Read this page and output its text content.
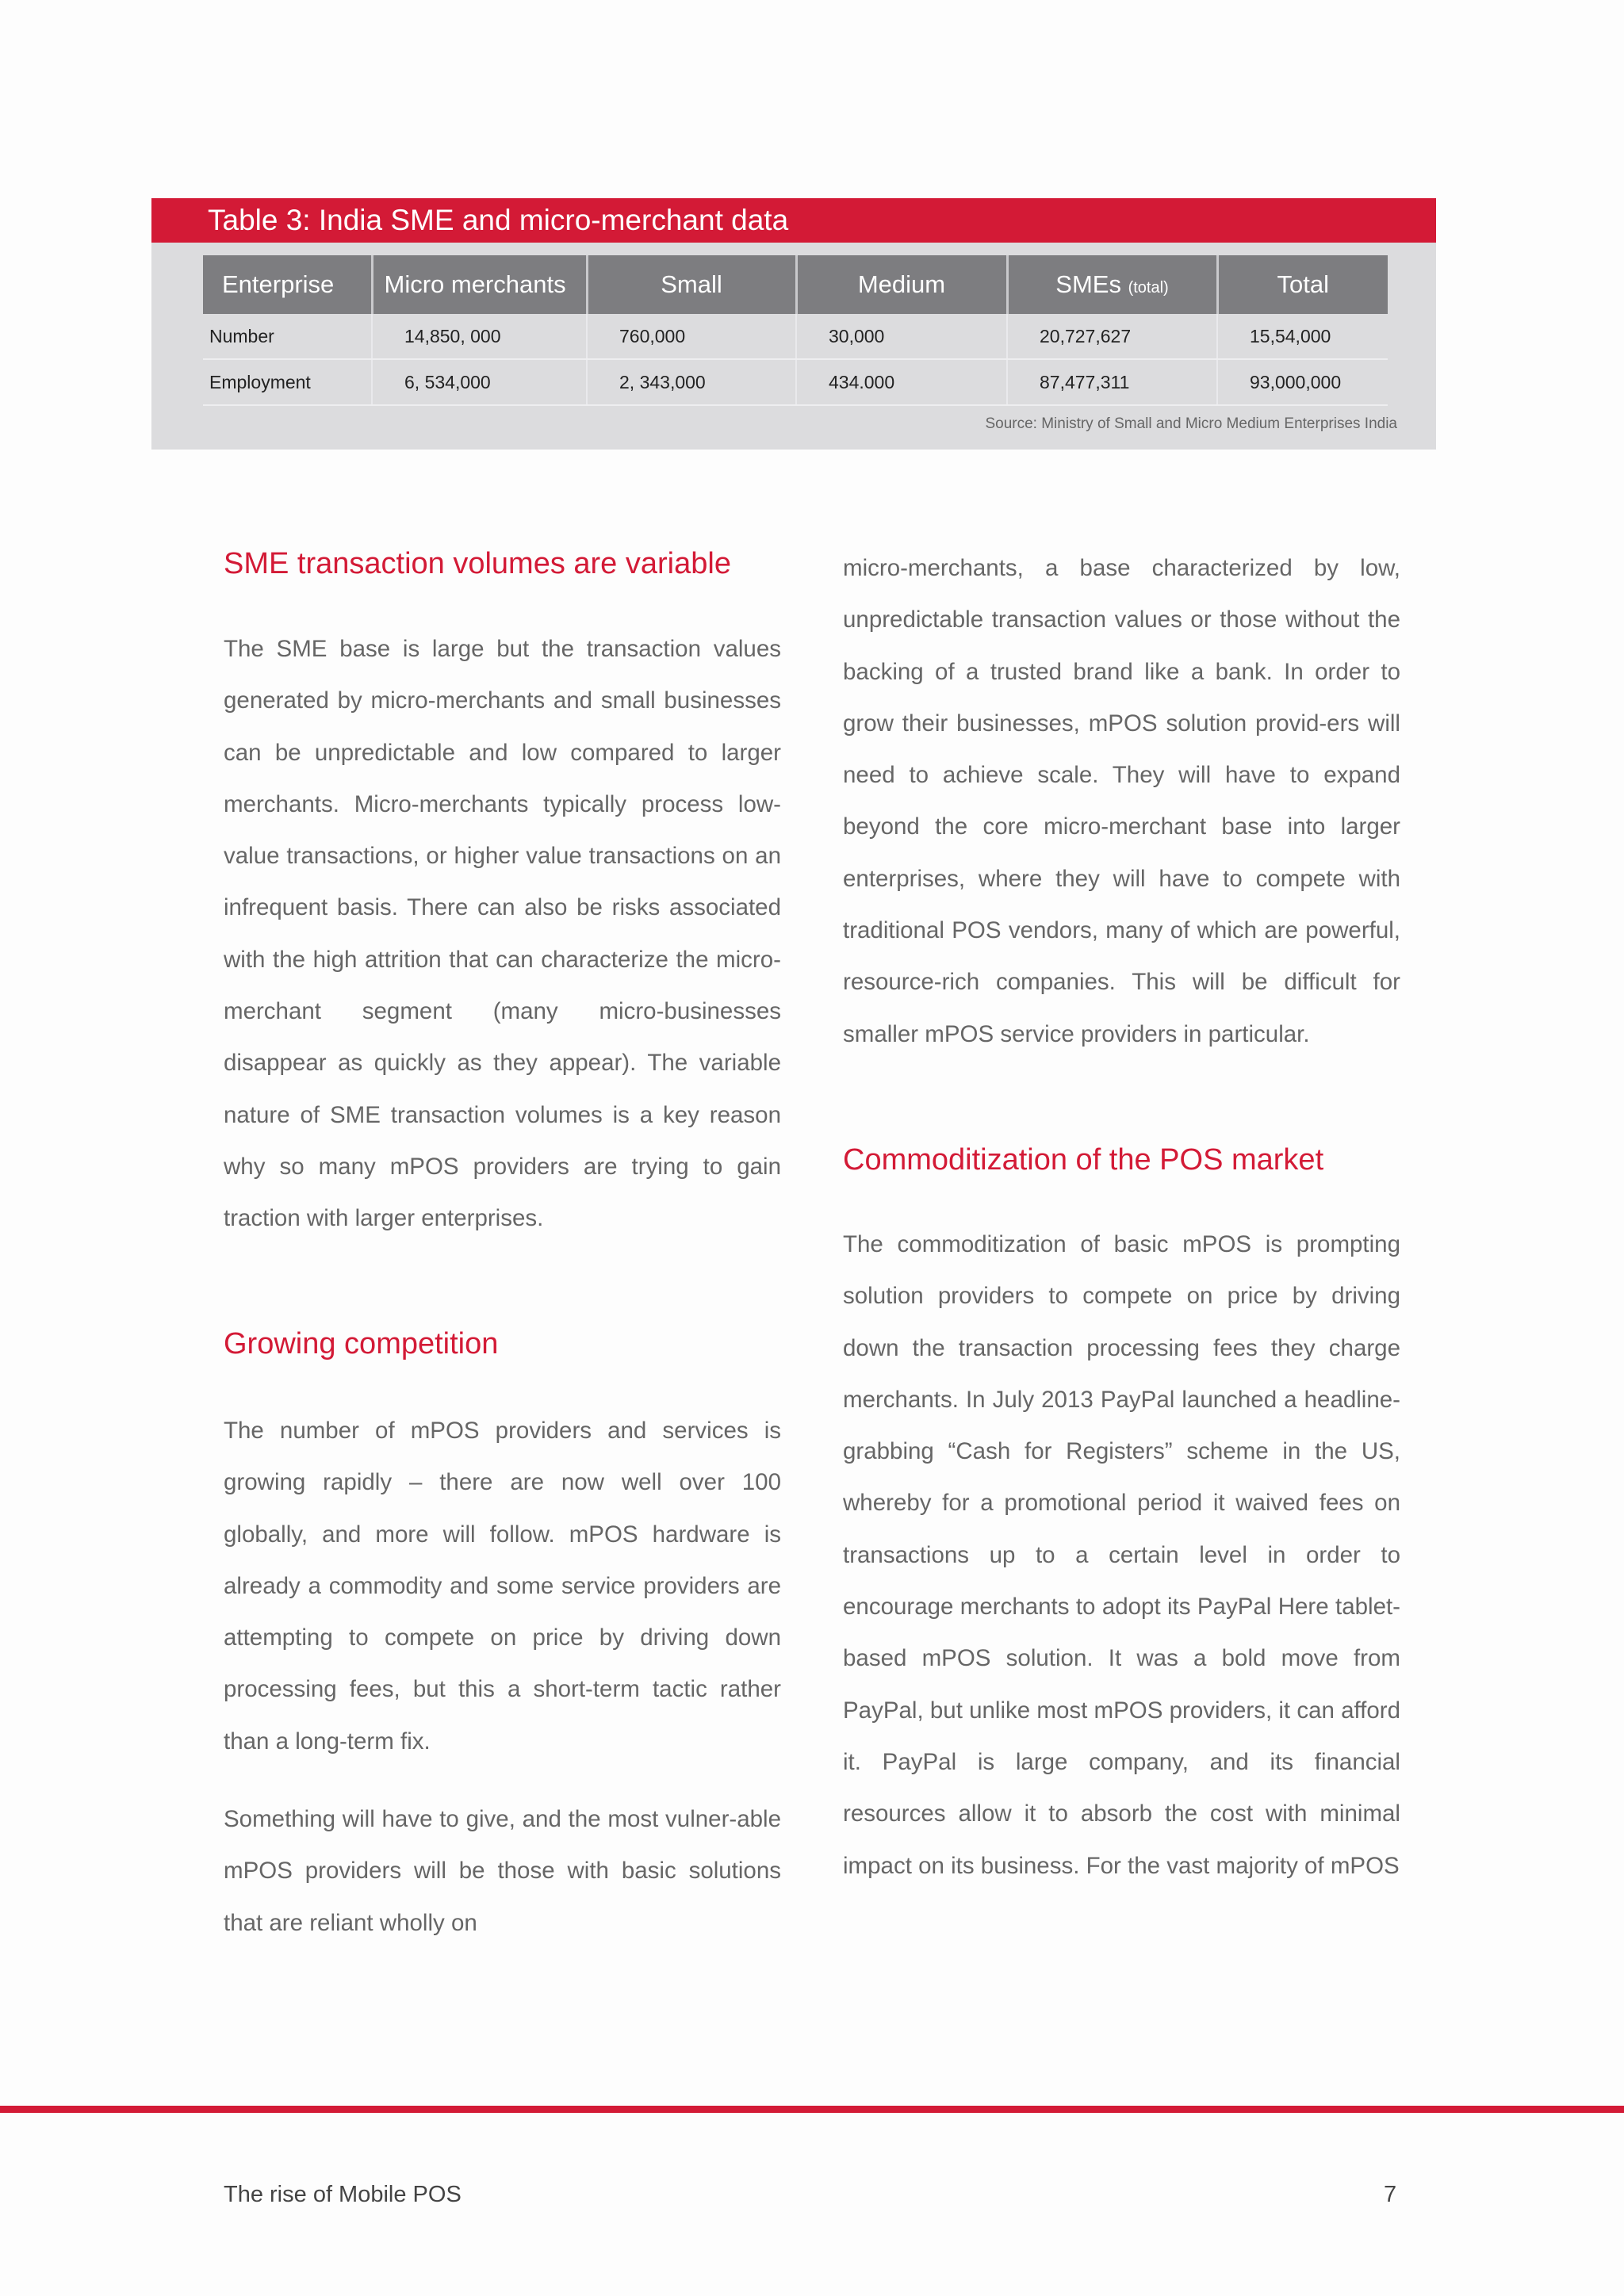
Table 3: India SME and micro-merchant data
Enterprise	Micro merchants	Small	Medium	SMEs (total)	Total
Number	14,850, 000	760,000	30,000	20,727,627	15,54,000
Employment	6, 534,000	2, 343,000	434.000	87,477,311	93,000,000
Source: Ministry of Small and Micro Medium Enterprises India
SME transaction volumes are variable

The SME base is large but the transaction values generated by micro-merchants and small businesses can be unpredictable and low compared to larger merchants. Micro-merchants typically process low-value transactions, or higher value transactions on an infrequent basis. There can also be risks associated with the high attrition that can characterize the micro-merchant segment (many micro-businesses disappear as quickly as they appear). The variable nature of SME transaction volumes is a key reason why so many mPOS providers are trying to gain traction with larger enterprises.

Growing competition

The number of mPOS providers and services is growing rapidly – there are now well over 100 globally, and more will follow. mPOS hardware is already a commodity and some service providers are attempting to compete on price by driving down processing fees, but this a short-term tactic rather than a long-term fix.

Something will have to give, and the most vulner-able mPOS providers will be those with basic solutions that are reliant wholly on

micro-merchants, a base characterized by low, unpredictable transaction values or those without the backing of a trusted brand like a bank. In order to grow their businesses, mPOS solution provid-ers will need to achieve scale. They will have to expand beyond the core micro-merchant base into larger enterprises, where they will have to compete with traditional POS vendors, many of which are powerful, resource-rich companies. This will be difficult for smaller mPOS service providers in particular.

Commoditization of the POS market

The commoditization of basic mPOS is prompting solution providers to compete on price by driving down the transaction processing fees they charge merchants. In July 2013 PayPal launched a headline-grabbing “Cash for Registers” scheme in the US, whereby for a promotional period it waived fees on transactions up to a certain level in order to encourage merchants to adopt its PayPal Here tablet-based mPOS solution. It was a bold move from PayPal, but unlike most mPOS providers, it can afford it. PayPal is large company, and its financial resources allow it to absorb the cost with minimal impact on its business. For the vast majority of mPOS

The rise of Mobile POS	7
